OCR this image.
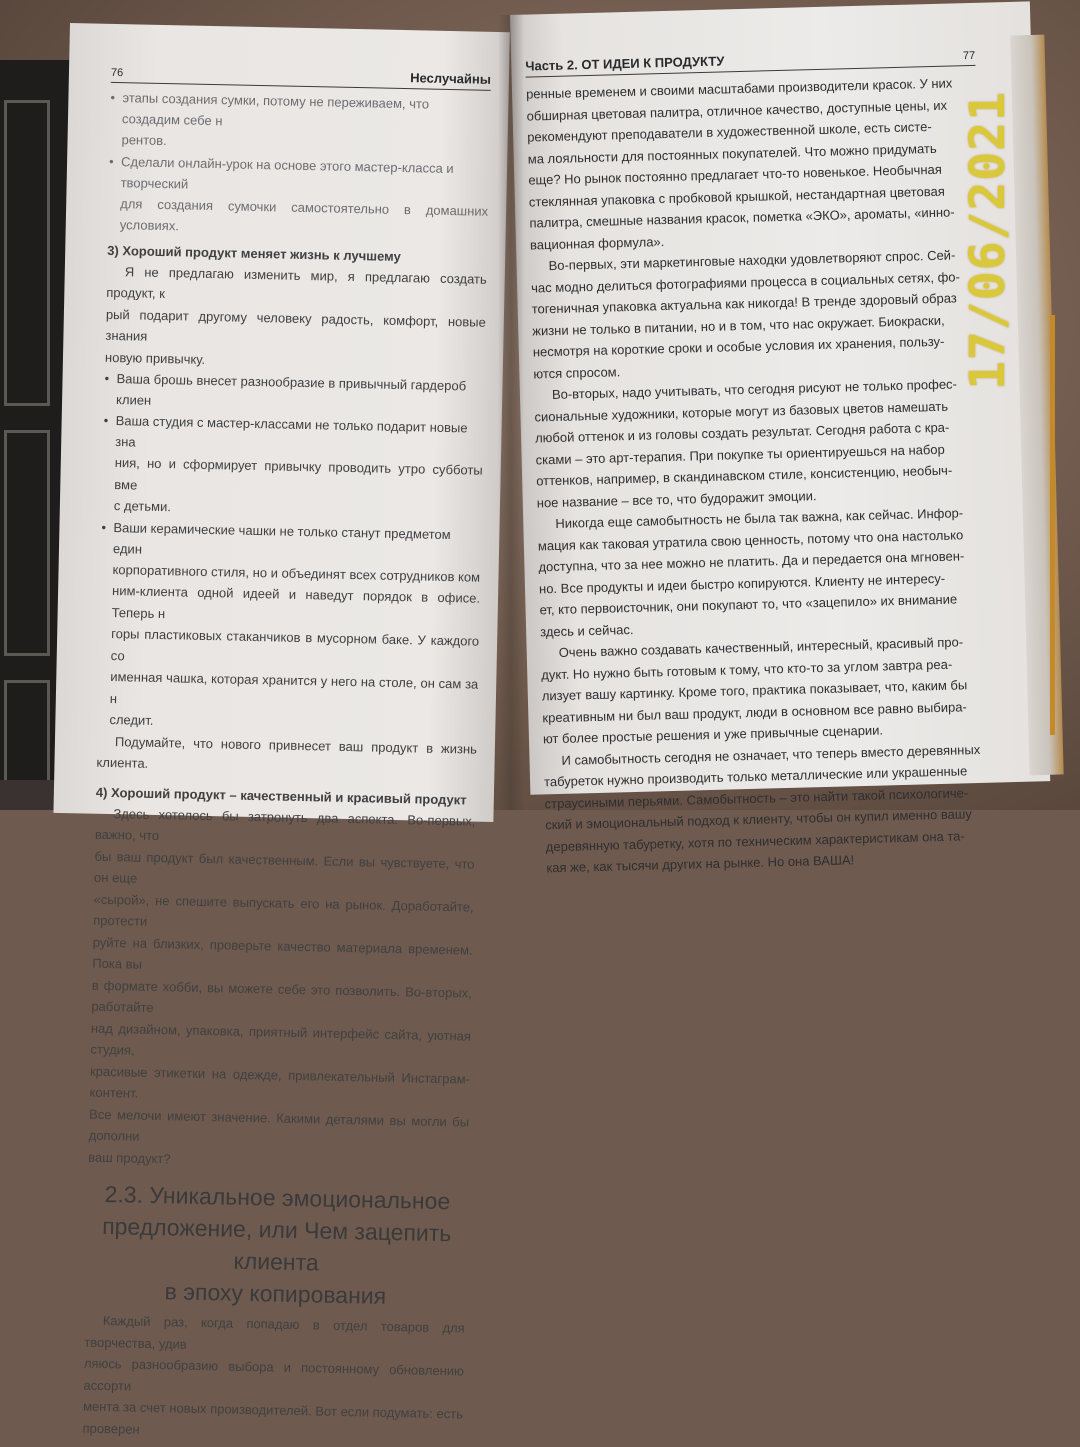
76	Неслучайны

• этапы создания сумки, потому не переживаем, что создадим себе н

рентов.

• Сделали онлайн-урок на основе этого мастер-класса и творческий

для создания сумочки самостоятельно в домашних условиях.

3) Хороший продукт меняет жизнь к лучшему

Я не предлагаю изменить мир, я предлагаю создать продукт, к

рый подарит другому человеку радость, комфорт, новые знания

новую привычку.

• Ваша брошь внесет разнообразие в привычный гардероб клиен

• Ваша студия с мастер-классами не только подарит новые зна

ния, но и сформирует привычку проводить утро субботы вме

с детьми.

• Ваши керамические чашки не только станут предметом един

корпоративного стиля, но и объединят всех сотрудников ком

ним-клиента одной идеей и наведут порядок в офисе. Теперь н

горы пластиковых стаканчиков в мусорном баке. У каждого со

именная чашка, которая хранится у него на столе, он сам за н

следит.

Подумайте, что нового привнесет ваш продукт в жизнь клиента.

4) Хороший продукт – качественный и красивый продукт

Здесь хотелось бы затронуть два аспекта. Во-первых, важно, что

бы ваш продукт был качественным. Если вы чувствуете, что он еще

«сырой», не спешите выпускать его на рынок. Доработайте, протести

руйте на близких, проверьте качество материала временем. Пока вы

в формате хобби, вы можете себе это позволить. Во-вторых, работайте

над дизайном, упаковка, приятный интерфейс сайта, уютная студия,

красивые этикетки на одежде, привлекательный Инстаграм-контент.

Все мелочи имеют значение. Какими деталями вы могли бы дополни

ваш продукт?

2.3. Уникальное эмоциональное
предложение, или Чем зацепить клиента
в эпоху копирования

Каждый раз, когда попадаю в отдел товаров для творчества, удив

ляюсь разнообразию выбора и постоянному обновлению ассорти

мента за счет новых производителей. Вот если подумать: есть проверен

Часть 2. ОТ ИДЕИ К ПРОДУКТУ	77

ренные временем и своими масштабами производители красок. У них

обширная цветовая палитра, отличное качество, доступные цены, их

рекомендуют преподаватели в художественной школе, есть систе-

ма лояльности для постоянных покупателей. Что можно придумать

еще? Но рынок постоянно предлагает что-то новенькое. Необычная

стеклянная упаковка с пробковой крышкой, нестандартная цветовая

палитра, смешные названия красок, пометка «ЭКО», ароматы, «инно-

вационная формула».

Во-первых, эти маркетинговые находки удовлетворяют спрос. Сей-

час модно делиться фотографиями процесса в социальных сетях, фо-

тогеничная упаковка актуальна как никогда! В тренде здоровый образ

жизни не только в питании, но и в том, что нас окружает. Биокраски,

несмотря на короткие сроки и особые условия их хранения, пользу-

ются спросом.

Во-вторых, надо учитывать, что сегодня рисуют не только профес-

сиональные художники, которые могут из базовых цветов намешать

любой оттенок и из головы создать результат. Сегодня работа с кра-

сками – это арт-терапия. При покупке ты ориентируешься на набор

оттенков, например, в скандинавском стиле, консистенцию, необыч-

ное название – все то, что будоражит эмоции.

Никогда еще самобытность не была так важна, как сейчас. Инфор-

мация как таковая утратила свою ценность, потому что она настолько

доступна, что за нее можно не платить. Да и передается она мгновен-

но. Все продукты и идеи быстро копируются. Клиенту не интересу-

ет, кто первоисточник, они покупают то, что «зацепило» их внимание

здесь и сейчас.

Очень важно создавать качественный, интересный, красивый про-

дукт. Но нужно быть готовым к тому, что кто-то за углом завтра реа-

лизует вашу картинку. Кроме того, практика показывает, что, каким бы

креативным ни был ваш продукт, люди в основном все равно выбира-

ют более простые решения и уже привычные сценарии.

И самобытность сегодня не означает, что теперь вместо деревянных

табуреток нужно производить только металлические или украшенные

страусиными перьями. Самобытность – это найти такой психологиче-

ский и эмоциональный подход к клиенту, чтобы он купил именно вашу

деревянную табуретку, хотя по техническим характеристикам она та-

кая же, как тысячи других на рынке. Но она ВАША!

17/06/2021
